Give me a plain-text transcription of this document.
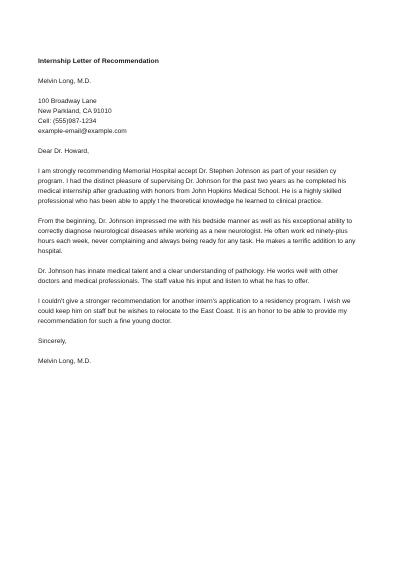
Internship Letter of Recommendation
Melvin Long, M.D.
100 Broadway Lane
New Parkland, CA 91010
Cell: (555)987-1234
example-email@example.com
Dear Dr. Howard,
I am strongly recommending Memorial Hospital accept Dr. Stephen Johnson as part of your residen cy
program. I had the distinct pleasure of supervising Dr. Johnson for the past two years as he completed his
medical internship after graduating with honors from John Hopkins Medical School. He is a highly skilled
professional who has been able to apply t he theoretical knowledge he learned to clinical practice.
From the beginning, Dr. Johnson impressed me with his bedside manner as well as his exceptional ability to
correctly diagnose neurological diseases while working as a new neurologist. He often work ed ninety-plus
hours each week, never complaining and always being ready for any task. He makes a terrific addition to any
hospital.
Dr. Johnson has innate medical talent and a clear understanding of pathology. He works well with other
doctors and medical professionals. The staff value his input and listen to what he has to offer.
I couldn't give a stronger recommendation for another intern's application to a residency program. I wish we
could keep him on staff but he wishes to relocate to the East Coast. It is an honor to be able to provide my
recommendation for such a fine young doctor.
Sincerely,
Melvin Long, M.D.
